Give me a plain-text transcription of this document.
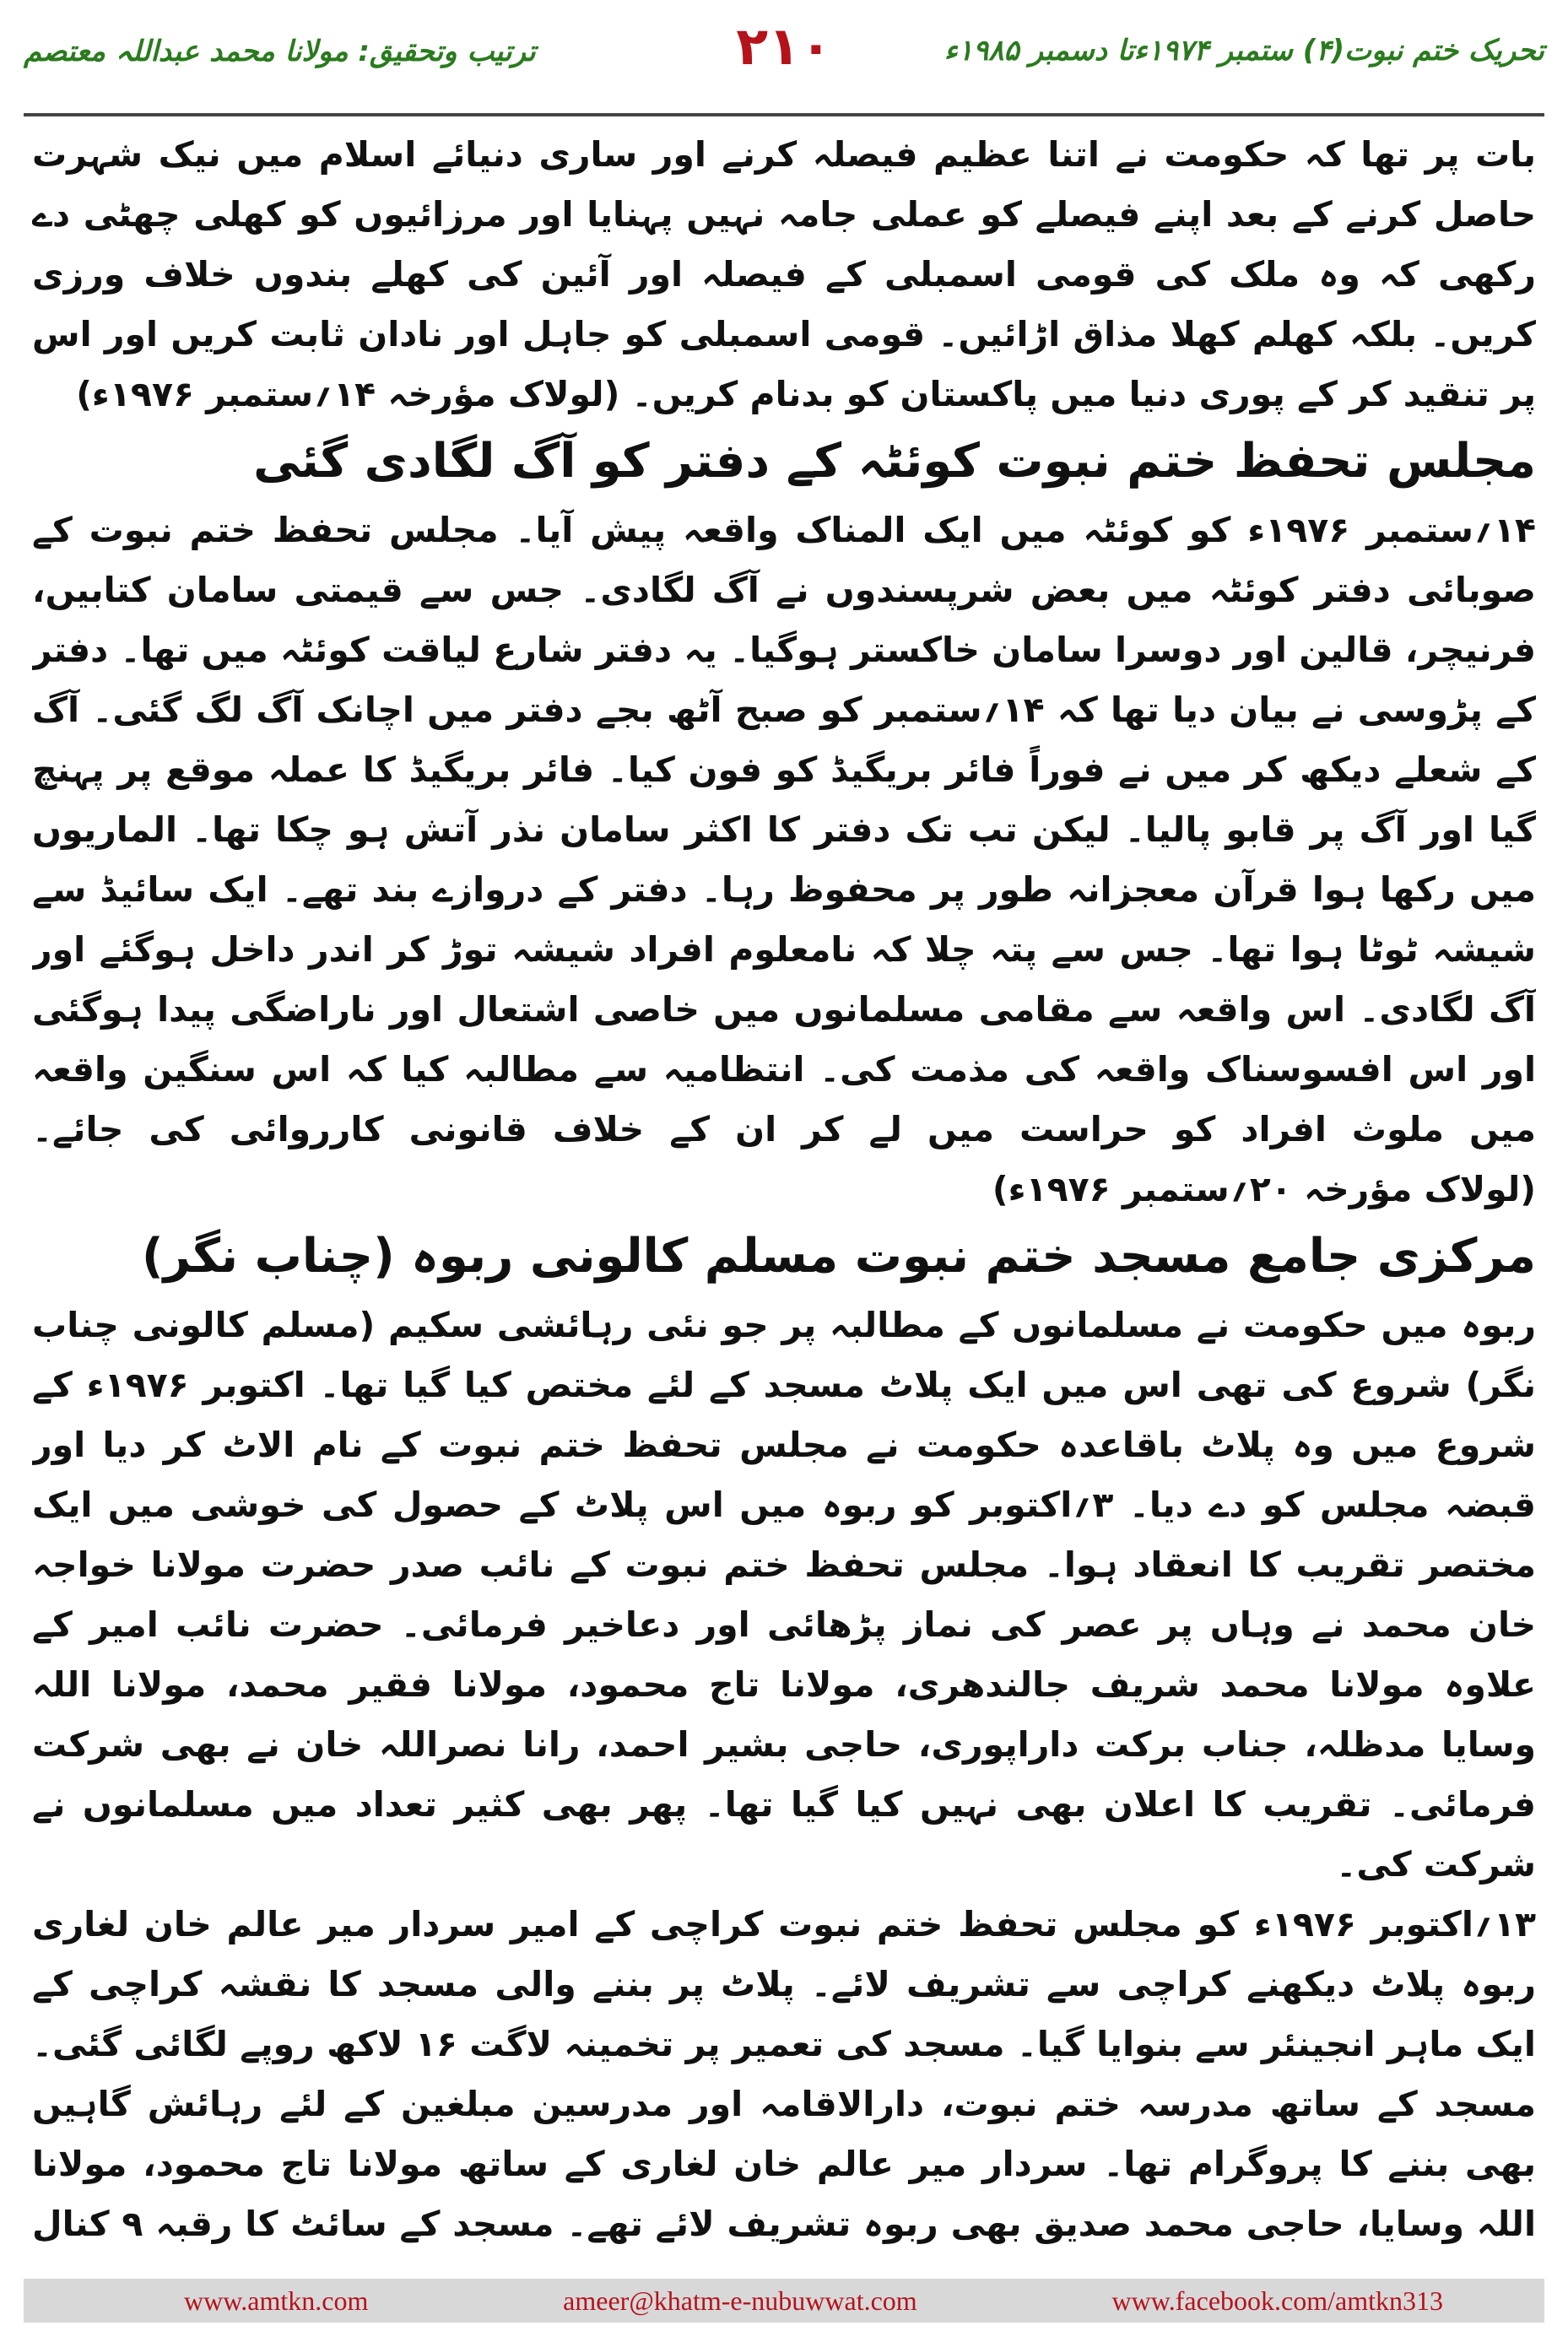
تحریک ختم نبوت(۴) ستمبر ۱۹۷۴ءتا دسمبر ۱۹۸۵ء
۲۱۰
ترتیب وتحقیق: مولانا محمد عبداللہ معتصم

بات پر تھا کہ حکومت نے اتنا عظیم فیصلہ کرنے اور ساری دنیائے اسلام میں نیک شہرت حاصل کرنے کے بعد اپنے فیصلے کو عملی جامہ نہیں پہنایا اور مرزائیوں کو کھلی چھٹی دے رکھی کہ وہ ملک کی قومی اسمبلی کے فیصلہ اور آئین کی کھلے بندوں خلاف ورزی کریں۔ بلکہ کھلم کھلا مذاق اڑائیں۔ قومی اسمبلی کو جاہل اور نادان ثابت کریں اور اس پر تنقید کر کے پوری دنیا میں پاکستان کو بدنام کریں۔ (لولاک مؤرخہ ۱۴؍ستمبر ۱۹۷۶ء)

مجلس تحفظ ختم نبوت کوئٹہ کے دفتر کو آگ لگادی گئی

۱۴؍ستمبر ۱۹۷۶ء کو کوئٹہ میں ایک المناک واقعہ پیش آیا۔ مجلس تحفظ ختم نبوت کے صوبائی دفتر کوئٹہ میں بعض شرپسندوں نے آگ لگادی۔ جس سے قیمتی سامان کتابیں، فرنیچر، قالین اور دوسرا سامان خاکستر ہوگیا۔ یہ دفتر شارع لیاقت کوئٹہ میں تھا۔ دفتر کے پڑوسی نے بیان دیا تھا کہ ۱۴؍ستمبر کو صبح آٹھ بجے دفتر میں اچانک آگ لگ گئی۔ آگ کے شعلے دیکھ کر میں نے فوراً فائر بریگیڈ کو فون کیا۔ فائر بریگیڈ کا عملہ موقع پر پہنچ گیا اور آگ پر قابو پالیا۔ لیکن تب تک دفتر کا اکثر سامان نذر آتش ہو چکا تھا۔ الماریوں میں رکھا ہوا قرآن معجزانہ طور پر محفوظ رہا۔ دفتر کے دروازے بند تھے۔ ایک سائیڈ سے شیشہ ٹوٹا ہوا تھا۔ جس سے پتہ چلا کہ نامعلوم افراد شیشہ توڑ کر اندر داخل ہوگئے اور آگ لگادی۔ اس واقعہ سے مقامی مسلمانوں میں خاصی اشتعال اور ناراضگی پیدا ہوگئی اور اس افسوسناک واقعہ کی مذمت کی۔ انتظامیہ سے مطالبہ کیا کہ اس سنگین واقعہ میں ملوث افراد کو حراست میں لے کر ان کے خلاف قانونی کارروائی کی جائے۔ (لولاک مؤرخہ ۲۰؍ستمبر ۱۹۷۶ء)

مرکزی جامع مسجد ختم نبوت مسلم کالونی ربوہ (چناب نگر)

ربوہ میں حکومت نے مسلمانوں کے مطالبہ پر جو نئی رہائشی سکیم (مسلم کالونی چناب نگر) شروع کی تھی اس میں ایک پلاٹ مسجد کے لئے مختص کیا گیا تھا۔ اکتوبر ۱۹۷۶ء کے شروع میں وہ پلاٹ باقاعدہ حکومت نے مجلس تحفظ ختم نبوت کے نام الاٹ کر دیا اور قبضہ مجلس کو دے دیا۔ ۳؍اکتوبر کو ربوہ میں اس پلاٹ کے حصول کی خوشی میں ایک مختصر تقریب کا انعقاد ہوا۔ مجلس تحفظ ختم نبوت کے نائب صدر حضرت مولانا خواجہ خان محمد نے وہاں پر عصر کی نماز پڑھائی اور دعاخیر فرمائی۔ حضرت نائب امیر کے علاوہ مولانا محمد شریف جالندھری، مولانا تاج محمود، مولانا فقیر محمد، مولانا اللہ وسایا مدظلہ، جناب برکت داراپوری، حاجی بشیر احمد، رانا نصراللہ خان نے بھی شرکت فرمائی۔ تقریب کا اعلان بھی نہیں کیا گیا تھا۔ پھر بھی کثیر تعداد میں مسلمانوں نے شرکت کی۔

۱۳؍اکتوبر ۱۹۷۶ء کو مجلس تحفظ ختم نبوت کراچی کے امیر سردار میر عالم خان لغاری ربوہ پلاٹ دیکھنے کراچی سے تشریف لائے۔ پلاٹ پر بننے والی مسجد کا نقشہ کراچی کے ایک ماہر انجینئر سے بنوایا گیا۔ مسجد کی تعمیر پر تخمینہ لاگت ۱۶ لاکھ روپے لگائی گئی۔ مسجد کے ساتھ مدرسہ ختم نبوت، دارالاقامہ اور مدرسین مبلغین کے لئے رہائش گاہیں بھی بننے کا پروگرام تھا۔ سردار میر عالم خان لغاری کے ساتھ مولانا تاج محمود، مولانا اللہ وسایا، حاجی محمد صدیق بھی ربوہ تشریف لائے تھے۔ مسجد کے سائٹ کا رقبہ ۹ کنال

www.amtkn.com	ameer@khatm-e-nubuwwat.com	www.facebook.com/amtkn313
